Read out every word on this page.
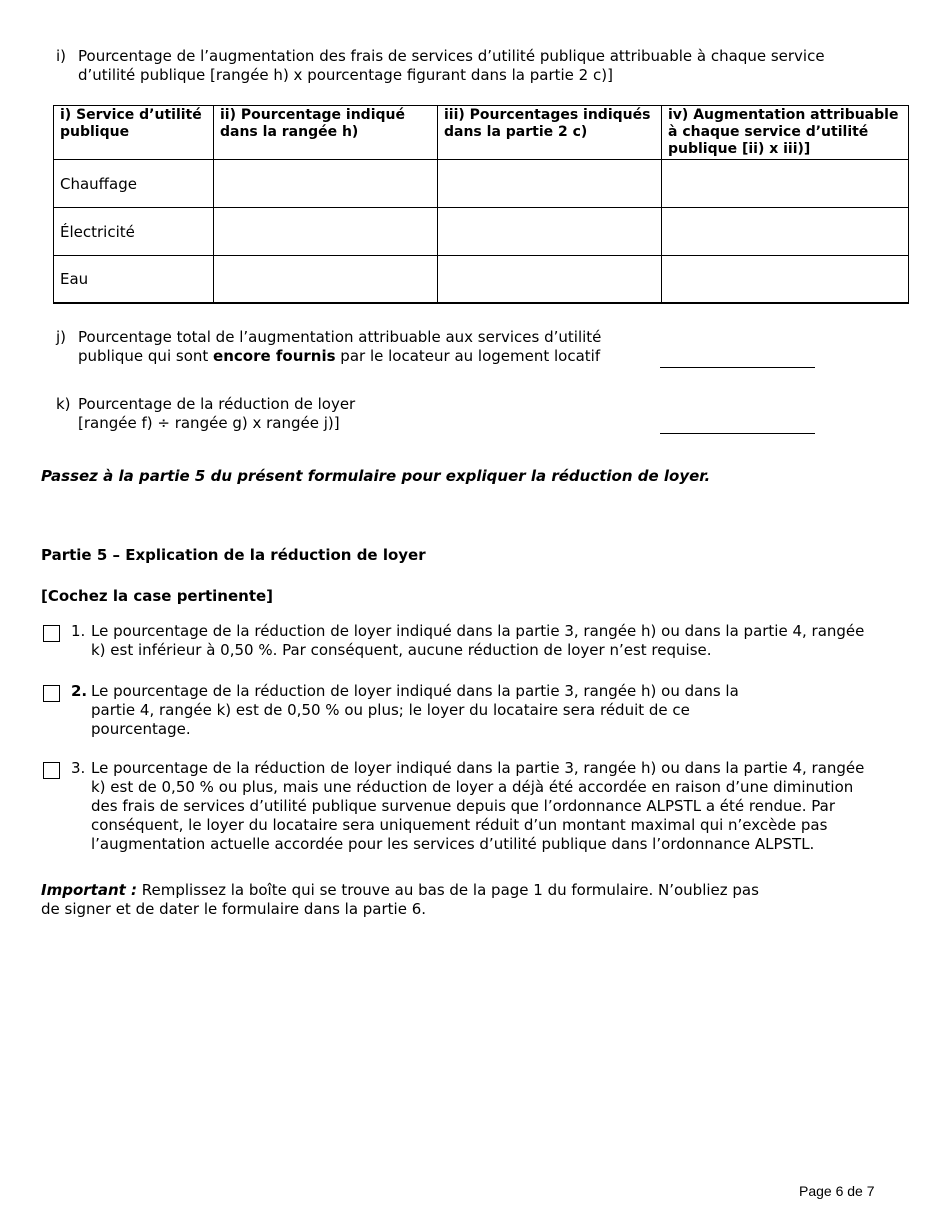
i) Pourcentage de l’augmentation des frais de services d’utilité publique attribuable à chaque service
d’utilité publique [rangée h) x pourcentage figurant dans la partie 2 c)]
i) Service d’utilité publique	ii) Pourcentage indiqué dans la rangée h)	iii) Pourcentages indiqués dans la partie 2 c)	iv) Augmentation attribuable à chaque service d’utilité publique [ii) x iii)]
Chauffage			
Électricité			
Eau			
j) Pourcentage total de l’augmentation attribuable aux services d’utilité
publique qui sont encore fournis par le locateur au logement locatif
k) Pourcentage de la réduction de loyer
[rangée f) ÷ rangée g) x rangée j)]
Passez à la partie 5 du présent formulaire pour expliquer la réduction de loyer.
Partie 5 – Explication de la réduction de loyer
[Cochez la case pertinente]
1. Le pourcentage de la réduction de loyer indiqué dans la partie 3, rangée h) ou dans la partie 4, rangée
k) est inférieur à 0,50 %. Par conséquent, aucune réduction de loyer n’est requise.
2. Le pourcentage de la réduction de loyer indiqué dans la partie 3, rangée h) ou dans la
partie 4, rangée k) est de 0,50 % ou plus; le loyer du locataire sera réduit de ce
pourcentage.
3. Le pourcentage de la réduction de loyer indiqué dans la partie 3, rangée h) ou dans la partie 4, rangée
k) est de 0,50 % ou plus, mais une réduction de loyer a déjà été accordée en raison d’une diminution
des frais de services d’utilité publique survenue depuis que l’ordonnance ALPSTL a été rendue. Par
conséquent, le loyer du locataire sera uniquement réduit d’un montant maximal qui n’excède pas
l’augmentation actuelle accordée pour les services d’utilité publique dans l’ordonnance ALPSTL.
Important : Remplissez la boîte qui se trouve au bas de la page 1 du formulaire. N’oubliez pas
de signer et de dater le formulaire dans la partie 6.
Page 6 de 7
